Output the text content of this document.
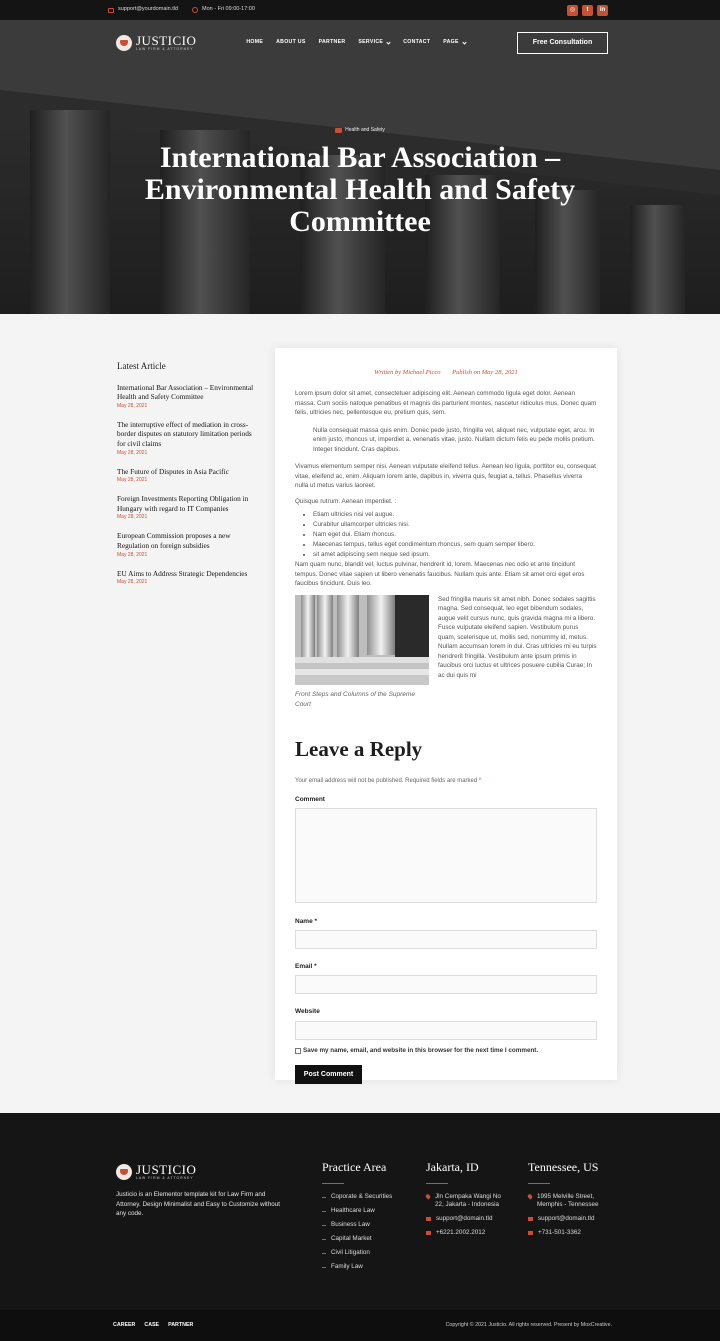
support@yourdomain.tld	Mon - Fri 09:00-17:00	◎	t	in
JUSTICIO
LAW FIRM & ATTORNEY
HOME	ABOUT US	PARTNER	SERVICE	CONTACT	PAGE	Free Consultation
Health and Safety
International Bar Association – Environmental Health and Safety Committee
Latest Article
International Bar Association – Environmental Health and Safety Committee
May 28, 2021
The interruptive effect of mediation in cross-border disputes on statutory limitation periods for civil claims
May 28, 2021
The Future of Disputes in Asia Pacific
May 28, 2021
Foreign Investments Reporting Obligation in Hungary with regard to IT Companies
May 28, 2021
European Commission proposes a new Regulation on foreign subsidies
May 28, 2021
EU Aims to Address Strategic Dependencies
May 28, 2021
Written by Michael Picco Publish on May 28, 2021

Lorem ipsum dolor sit amet, consectetuer adipiscing elit. Aenean commodo ligula eget dolor. Aenean massa. Cum sociis natoque penatibus et magnis dis parturient montes, nascetur ridiculus mus. Donec quam felis, ultricies nec, pellentesque eu, pretium quis, sem.

Nulla consequat massa quis enim. Donec pede justo, fringilla vel, aliquet nec, vulputate eget, arcu. In enim justo, rhoncus ut, imperdiet a, venenatis vitae, justo. Nullam dictum felis eu pede mollis pretium. Integer tincidunt. Cras dapibus.

Vivamus elementum semper nisi. Aenean vulputate eleifend tellus. Aenean leo ligula, porttitor eu, consequat vitae, eleifend ac, enim. Aliquam lorem ante, dapibus in, viverra quis, feugiat a, tellus. Phasellus viverra nulla ut metus varius laoreet.

Quisque rutrum. Aenean imperdiet. :

• Etiam ultricies nisi vel augue.
• Curabitur ullamcorper ultricies nisi.
• Nam eget dui. Etiam rhoncus.
• Maecenas tempus, tellus eget condimentum rhoncus, sem quam semper libero.
• sit amet adipiscing sem neque sed ipsum.

Nam quam nunc, blandit vel, luctus pulvinar, hendrerit id, lorem. Maecenas nec odio et ante tincidunt tempus. Donec vitae sapien ut libero venenatis faucibus. Nullam quis ante. Etiam sit amet orci eget eros faucibus tincidunt. Duis leo.

Front Steps and Columns of the Supreme Court
Sed fringilla mauris sit amet nibh. Donec sodales sagittis magna. Sed consequat, leo eget bibendum sodales, augue velit cursus nunc, quis gravida magna mi a libero. Fusce vulputate eleifend sapien. Vestibulum purus quam, scelerisque ut, mollis sed, nonummy id, metus. Nullam accumsan lorem in dui. Cras ultricies mi eu turpis hendrerit fringilla. Vestibulum ante ipsum primis in faucibus orci luctus et ultrices posuere cubilia Curae; In ac dui quis mi
Leave a Reply
Your email address will not be published. Required fields are marked *
Comment
Name *
Email *
Website
Save my name, email, and website in this browser for the next time I comment.
Post Comment
JUSTICIO
LAW FIRM & ATTORNEY
Justicio is an Elementor template kit for Law Firm and Attorney. Design Minimalist and Easy to Customize without any code.
Practice Area
Coporate & Securities
Healthcare Law
Business Law
Capital Market
Civil Litigation
Family Law
Jakarta, ID
Jln Cempaka Wangi No 22, Jakarta - Indonesia
support@domain.tld
+6221.2002.2012
Tennessee, US
1995 Melville Street, Memphis - Tennessee
support@domain.tld
+731-501-3362
CAREER CASE PARTNER	Copyright © 2021 Justicio. All rights reserved. Present by MoxCreative.
